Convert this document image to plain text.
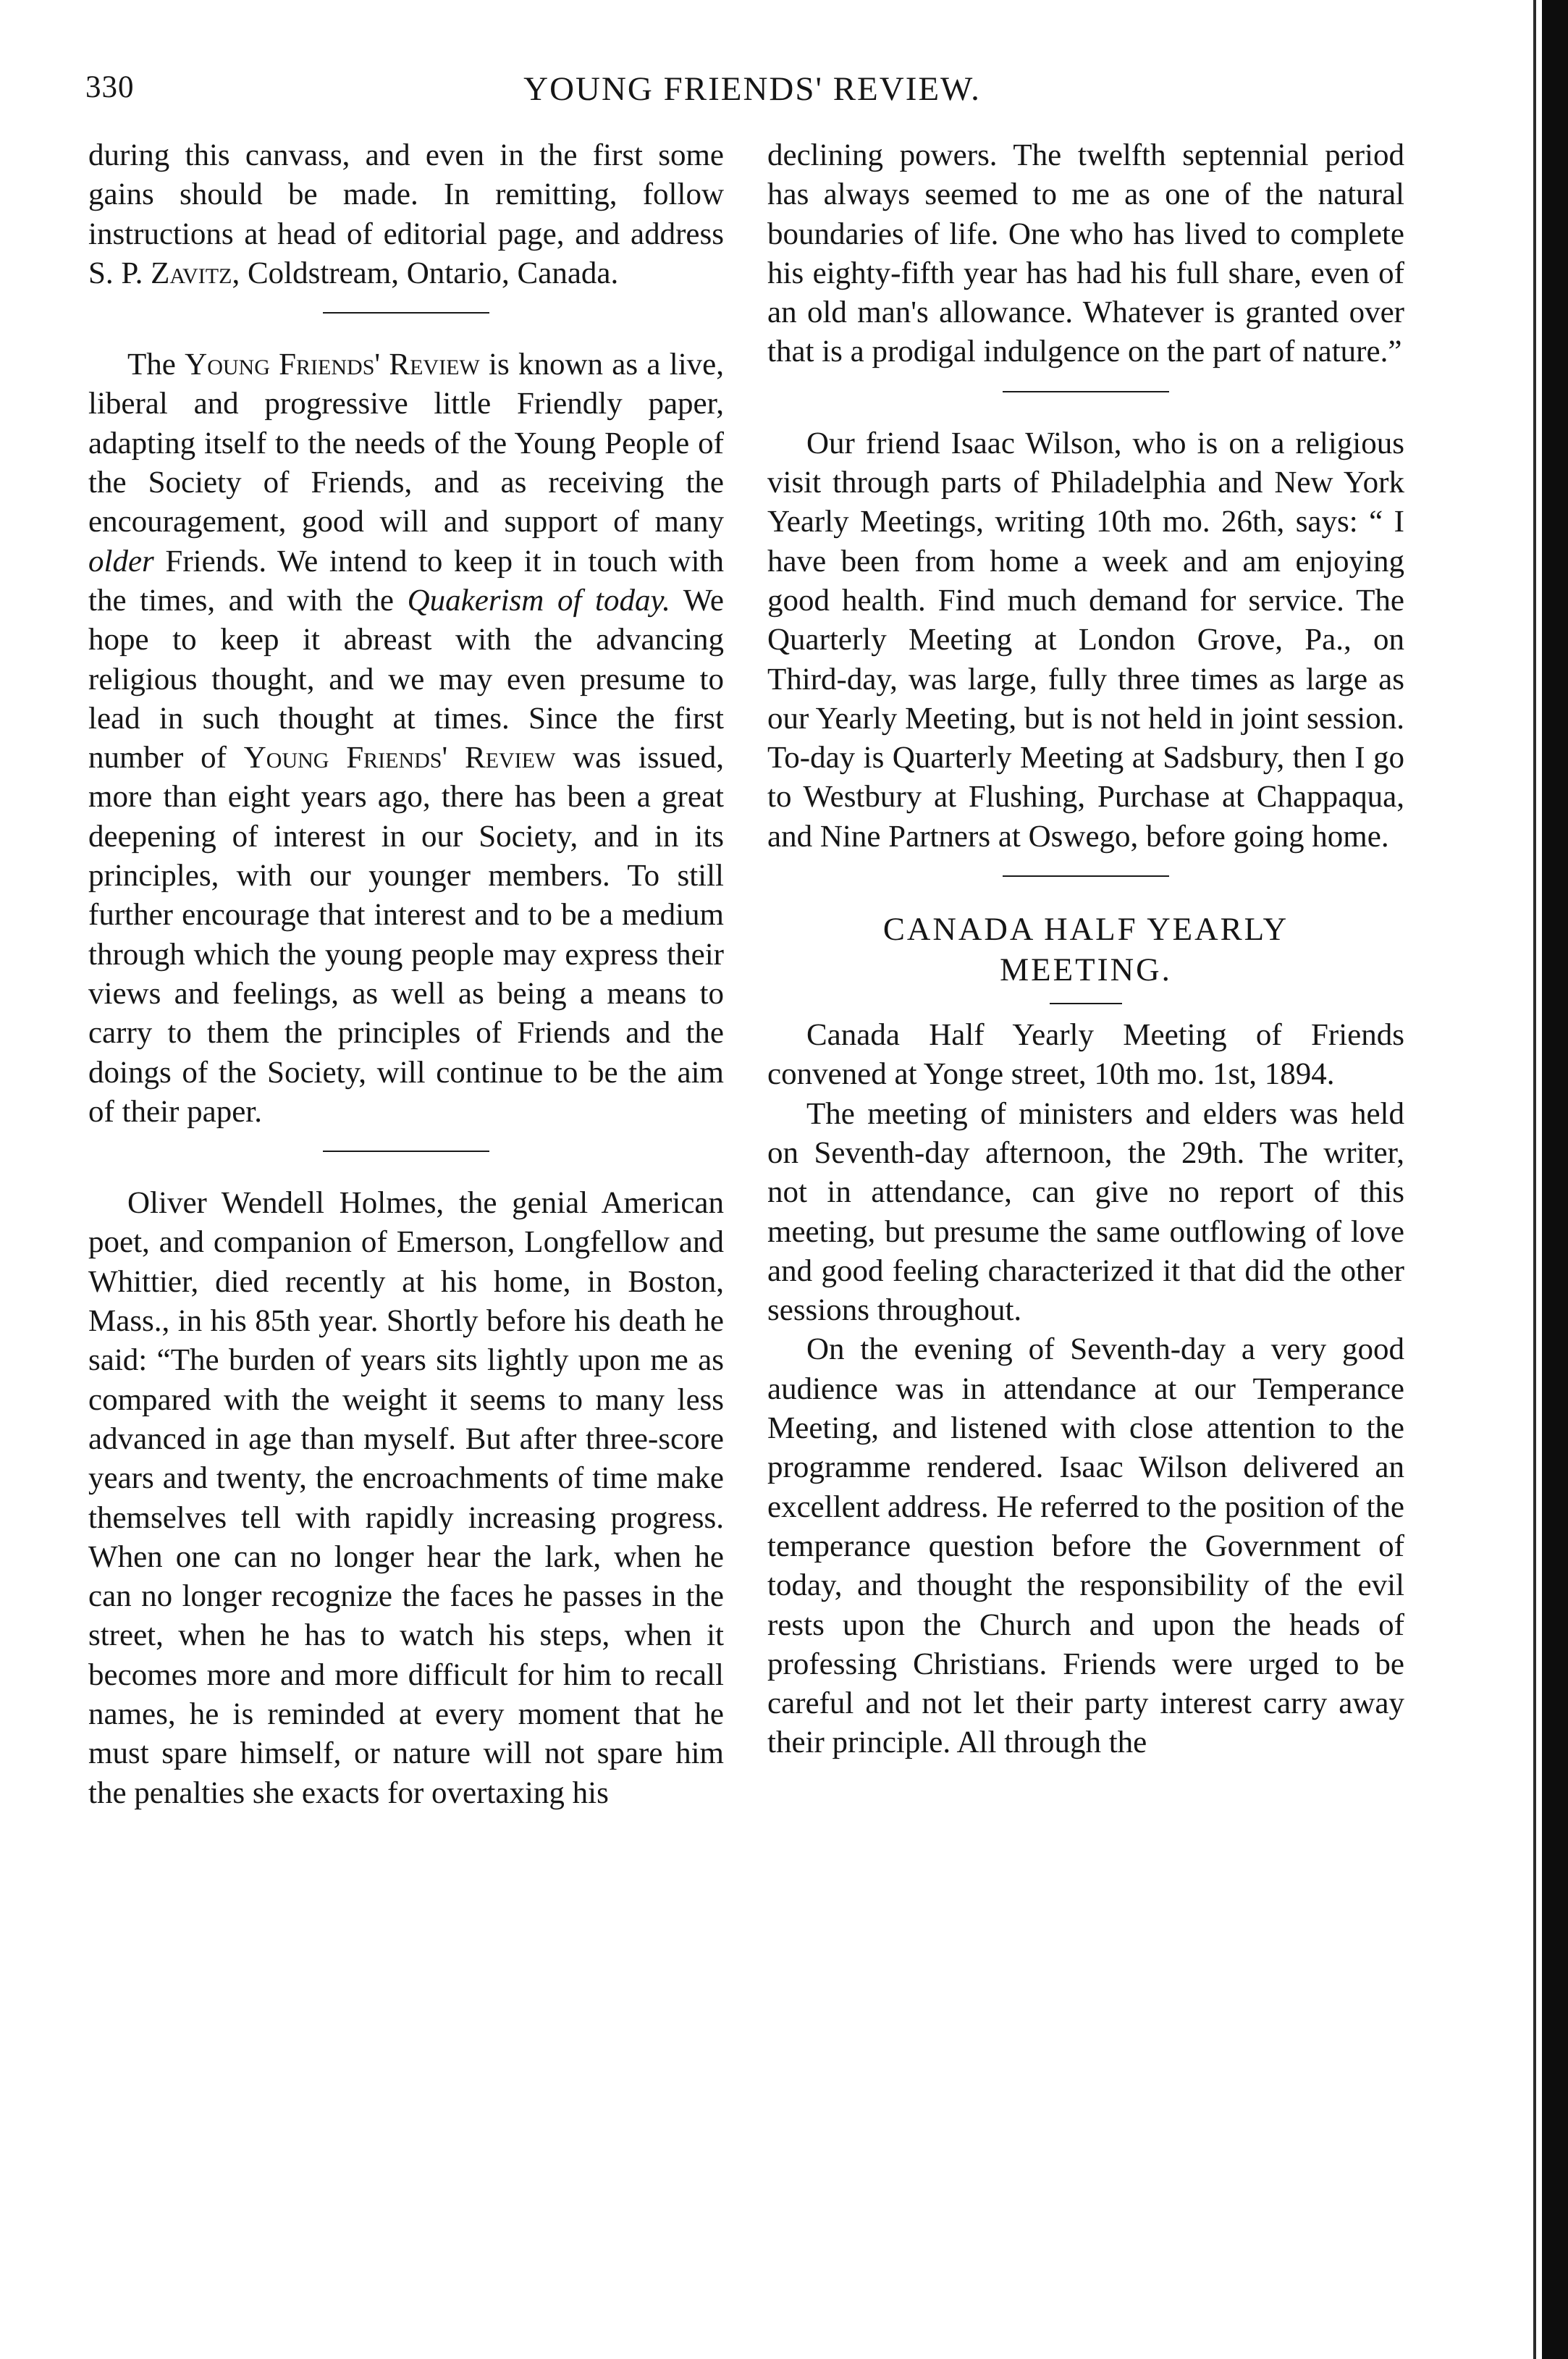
330	YOUNG FRIENDS' REVIEW.

during this canvass, and even in the first some gains should be made. In remitting, follow instructions at head of editorial page, and address S. P. Zavitz, Coldstream, Ontario, Canada.

The Young Friends' Review is known as a live, liberal and progressive little Friendly paper, adapting itself to the needs of the Young People of the Society of Friends, and as receiving the encouragement, good will and support of many older Friends. We intend to keep it in touch with the times, and with the Quakerism of today. We hope to keep it abreast with the advancing religious thought, and we may even presume to lead in such thought at times. Since the first number of Young Friends' Review was issued, more than eight years ago, there has been a great deepening of interest in our Society, and in its principles, with our younger members. To still further encourage that interest and to be a medium through which the young people may express their views and feelings, as well as being a means to carry to them the principles of Friends and the doings of the Society, will continue to be the aim of their paper.

Oliver Wendell Holmes, the genial American poet, and companion of Emerson, Longfellow and Whittier, died recently at his home, in Boston, Mass., in his 85th year. Shortly before his death he said: “The burden of years sits lightly upon me as compared with the weight it seems to many less advanced in age than myself. But after three-score years and twenty, the encroachments of time make themselves tell with rapidly increasing progress. When one can no longer hear the lark, when he can no longer recognize the faces he passes in the street, when he has to watch his steps, when it becomes more and more difficult for him to recall names, he is reminded at every moment that he must spare himself, or nature will not spare him the penalties she exacts for overtaxing his

declining powers. The twelfth septennial period has always seemed to me as one of the natural boundaries of life. One who has lived to complete his eighty-fifth year has had his full share, even of an old man's allowance. Whatever is granted over that is a prodigal indulgence on the part of nature.”

Our friend Isaac Wilson, who is on a religious visit through parts of Philadelphia and New York Yearly Meetings, writing 10th mo. 26th, says: “ I have been from home a week and am enjoying good health. Find much demand for service. The Quarterly Meeting at London Grove, Pa., on Third-day, was large, fully three times as large as our Yearly Meeting, but is not held in joint session. To-day is Quarterly Meeting at Sadsbury, then I go to Westbury at Flushing, Purchase at Chappaqua, and Nine Partners at Oswego, before going home.

CANADA HALF YEARLY
MEETING.

Canada Half Yearly Meeting of Friends convened at Yonge street, 10th mo. 1st, 1894.

The meeting of ministers and elders was held on Seventh-day afternoon, the 29th. The writer, not in attendance, can give no report of this meeting, but presume the same outflowing of love and good feeling characterized it that did the other sessions throughout.

On the evening of Seventh-day a very good audience was in attendance at our Temperance Meeting, and listened with close attention to the programme rendered. Isaac Wilson delivered an excellent address. He referred to the position of the temperance question before the Government of today, and thought the responsibility of the evil rests upon the Church and upon the heads of professing Christians. Friends were urged to be careful and not let their party interest carry away their principle. All through the
